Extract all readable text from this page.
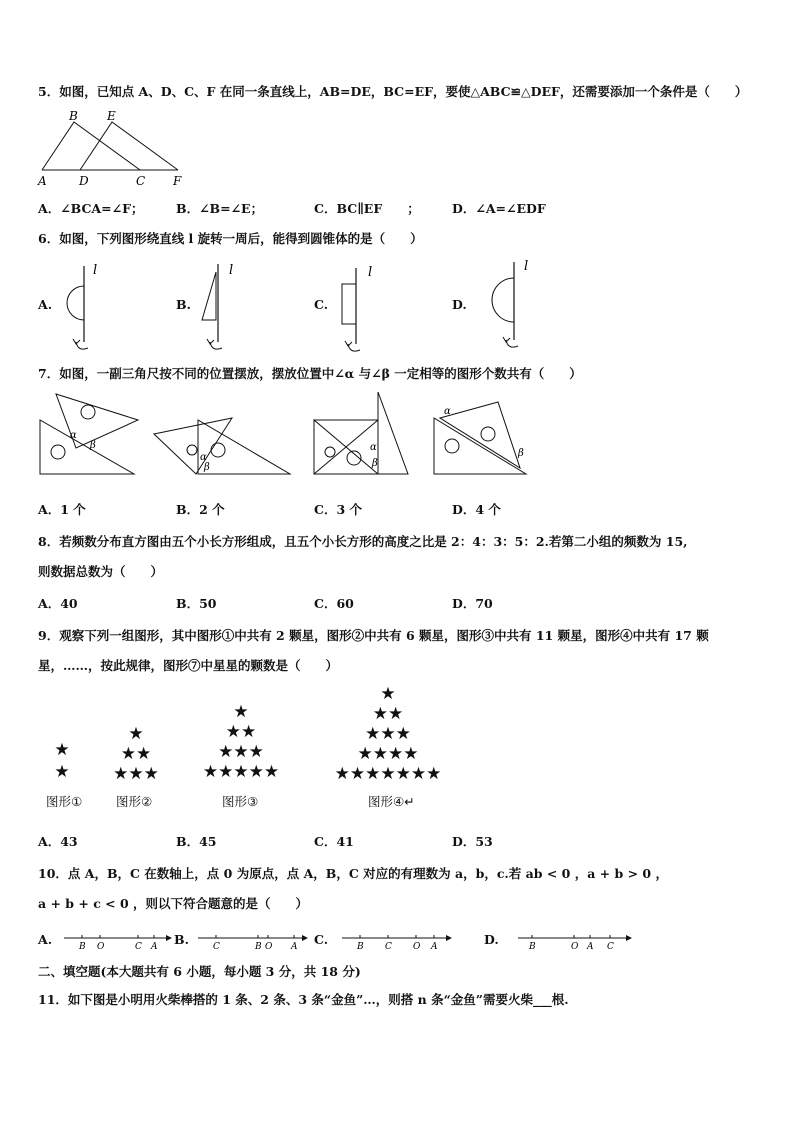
5．如图，已知点 A、D、C、F 在同一条直线上，AB=DE，BC=EF，要使△ABC≌△DEF，还需要添加一个条件是（　　）
B E
A	D	C F
A．∠BCA=∠F；	B．∠B=∠E；	C．BC∥EF　　；	D．∠A=∠EDF
6．如图，下列图形绕直线 l 旋转一周后，能得到圆锥体的是（　　）
A.
l
B.
l
C.
l
D.
l
7．如图，一副三角尺按不同的位置摆放，摆放位置中∠α 与∠β 一定相等的图形个数共有（　　）
α
β
α
β
α
β
α
β
A．1 个	B．2 个	C．3 个	D．4 个
8．若频数分布直方图由五个小长方形组成，且五个小长方形的高度之比是 2：4：3：5：2.若第二小组的频数为 15,
则数据总数为（　　）
A．40	B．50	C．60	D．70
9．观察下列一组图形，其中图形①中共有 2 颗星，图形②中共有 6 颗星，图形③中共有 11 颗星，图形④中共有 17 颗
星，……，按此规律，图形⑦中星星的颗数是（　　）
★
★
★
★★
★★★
★
★★
★★★
★★★★★
★
★★
★★★
★★★★
★★★★★★★
图形①	图形②	图形③	图形④↵
A．43	B．45	C．41	D．53
10．点 A，B，C 在数轴上，点 0 为原点，点 A，B，C 对应的有理数为 a，b，c.若 ab < 0 ，a + b > 0 ，
a + b + c < 0 ，则以下符合题意的是（　　）
A.	B O	C A B.	C	B O A C.	B C O A	D.	B	O A C
二、填空题(本大题共有 6 小题，每小题 3 分，共 18 分)
11．如下图是小明用火柴棒搭的 1 条、2 条、3 条“金鱼”…，则搭 n 条“金鱼”需要火柴___根.
